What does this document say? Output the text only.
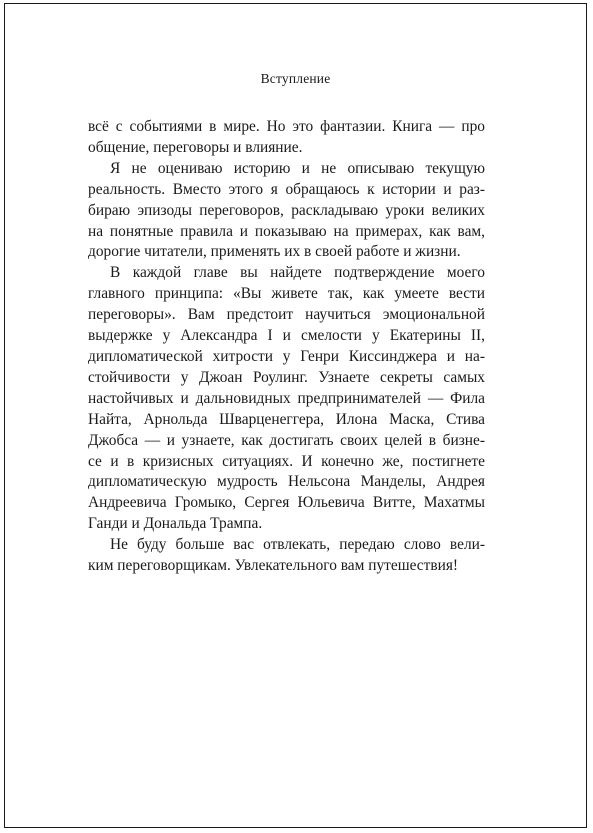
Вступление
всё с событиями в мире. Но это фантазии. Книга — про
общение, переговоры и влияние.
Я не оцениваю историю и не описываю текущую
реальность. Вместо этого я обращаюсь к истории и раз-
бираю эпизоды переговоров, раскладываю уроки великих
на понятные правила и показываю на примерах, как вам,
дорогие читатели, применять их в своей работе и жизни.
В каждой главе вы найдете подтверждение моего
главного принципа: «Вы живете так, как умеете вести
переговоры». Вам предстоит научиться эмоциональной
выдержке у Александра I и смелости у Екатерины II,
дипломатической хитрости у Генри Киссинджера и на-
стойчивости у Джоан Роулинг. Узнаете секреты самых
настойчивых и дальновидных предпринимателей — Фила
Найта, Арнольда Шварценеггера, Илона Маска, Стива
Джобса — и узнаете, как достигать своих целей в бизне-
се и в кризисных ситуациях. И конечно же, постигнете
дипломатическую мудрость Нельсона Манделы, Андрея
Андреевича Громыко, Сергея Юльевича Витте, Махатмы
Ганди и Дональда Трампа.
Не буду больше вас отвлекать, передаю слово вели-
ким переговорщикам. Увлекательного вам путешествия!
